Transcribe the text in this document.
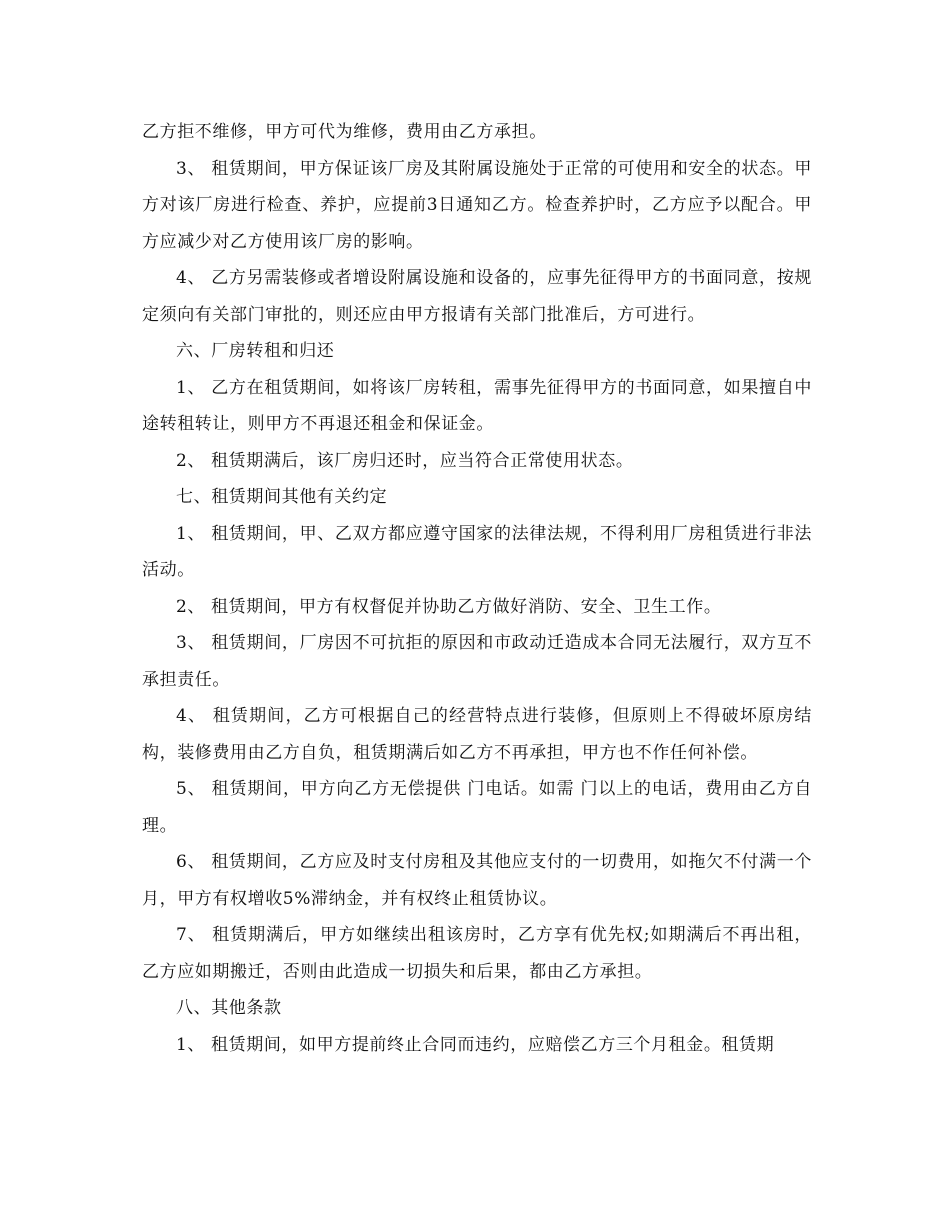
乙方拒不维修，甲方可代为维修，费用由乙方承担。

3、 租赁期间，甲方保证该厂房及其附属设施处于正常的可使用和安全的状态。甲方对该厂房进行检查、养护，应提前3日通知乙方。检查养护时，乙方应予以配合。甲方应减少对乙方使用该厂房的影响。

4、 乙方另需装修或者增设附属设施和设备的，应事先征得甲方的书面同意，按规定须向有关部门审批的，则还应由甲方报请有关部门批准后，方可进行。

六、厂房转租和归还

1、 乙方在租赁期间，如将该厂房转租，需事先征得甲方的书面同意，如果擅自中途转租转让，则甲方不再退还租金和保证金。

2、 租赁期满后，该厂房归还时，应当符合正常使用状态。

七、租赁期间其他有关约定

1、 租赁期间，甲、乙双方都应遵守国家的法律法规，不得利用厂房租赁进行非法活动。

2、 租赁期间，甲方有权督促并协助乙方做好消防、安全、卫生工作。

3、 租赁期间，厂房因不可抗拒的原因和市政动迁造成本合同无法履行，双方互不承担责任。

4、 租赁期间，乙方可根据自己的经营特点进行装修，但原则上不得破坏原房结构，装修费用由乙方自负，租赁期满后如乙方不再承担，甲方也不作任何补偿。

5、 租赁期间，甲方向乙方无偿提供 门电话。如需 门以上的电话，费用由乙方自理。

6、 租赁期间，乙方应及时支付房租及其他应支付的一切费用，如拖欠不付满一个月，甲方有权增收5%滞纳金，并有权终止租赁协议。

7、 租赁期满后，甲方如继续出租该房时，乙方享有优先权;如期满后不再出租，乙方应如期搬迁，否则由此造成一切损失和后果，都由乙方承担。

八、其他条款

1、 租赁期间，如甲方提前终止合同而违约，应赔偿乙方三个月租金。租赁期
